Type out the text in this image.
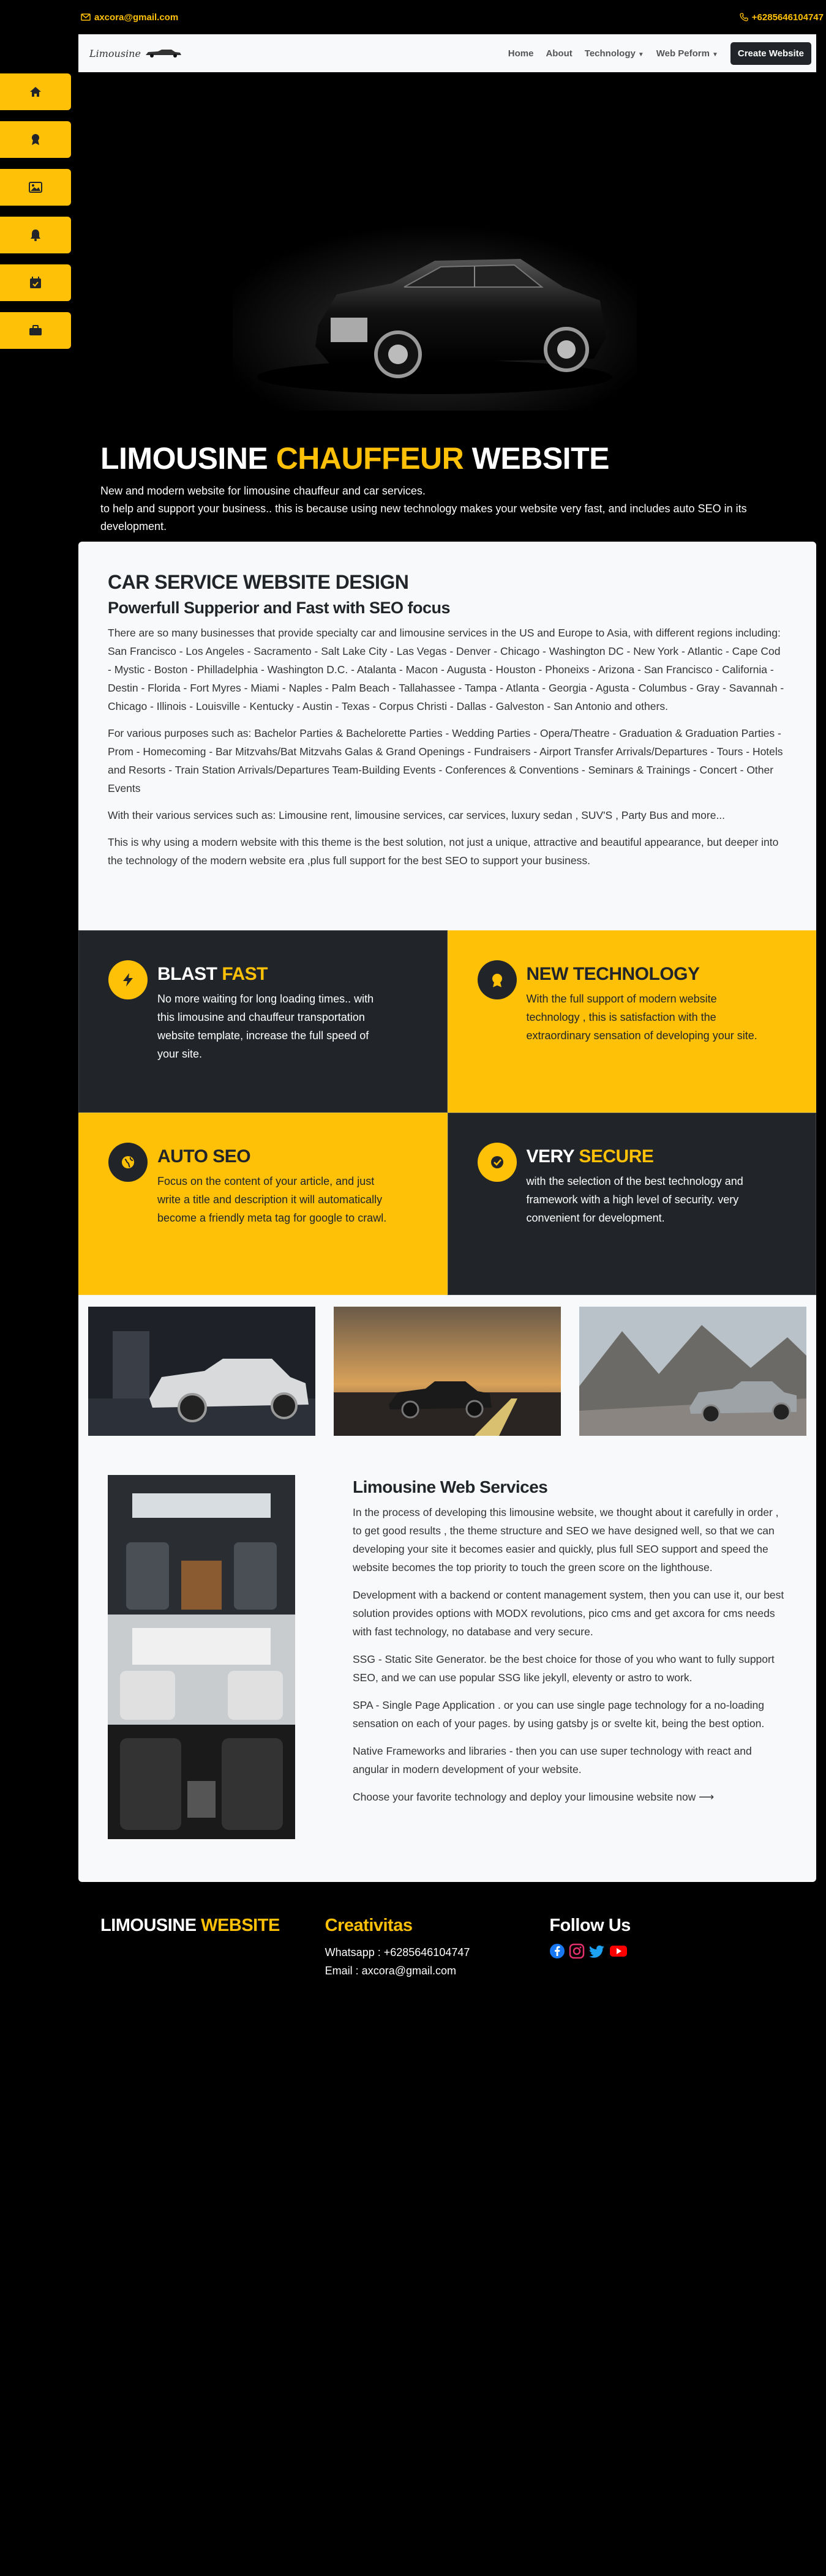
axcora@gmail.com	+6285646104747
Limousine	Home About Technology ▼ Web Peform ▼	Create Website
LIMOUSINE CHAUFFEUR WEBSITE
New and modern website for limousine chauffeur and car services.
to help and support your business.. this is because using new technology makes your website very fast, and includes auto SEO in its development.
CAR SERVICE WEBSITE DESIGN
Powerfull Supperior and Fast with SEO focus

There are so many businesses that provide specialty car and limousine services in the US and Europe to Asia, with different regions including: San Francisco - Los Angeles - Sacramento - Salt Lake City - Las Vegas - Denver - Chicago - Washington DC - New York - Atlantic - Cape Cod - Mystic - Boston - Philladelphia - Washington D.C. - Atalanta - Macon - Augusta - Houston - Phoneixs - Arizona - San Francisco - California - Destin - Florida - Fort Myres - Miami - Naples - Palm Beach - Tallahassee - Tampa - Atlanta - Georgia - Agusta - Columbus - Gray - Savannah - Chicago - Illinois - Louisville - Kentucky - Austin - Texas - Corpus Christi - Dallas - Galveston - San Antonio and others.

For various purposes such as: Bachelor Parties & Bachelorette Parties - Wedding Parties - Opera/Theatre - Graduation & Graduation Parties - Prom - Homecoming - Bar Mitzvahs/Bat Mitzvahs Galas & Grand Openings - Fundraisers - Airport Transfer Arrivals/Departures - Tours - Hotels and Resorts - Train Station Arrivals/Departures Team-Building Events - Conferences & Conventions - Seminars & Trainings - Concert - Other Events

With their various services such as: Limousine rent, limousine services, car services, luxury sedan , SUV'S , Party Bus and more...

This is why using a modern website with this theme is the best solution, not just a unique, attractive and beautiful appearance, but deeper into the technology of the modern website era ,plus full support for the best SEO to support your business.

BLAST FAST

No more waiting for long loading times.. with this limousine and chauffeur transportation website template, increase the full speed of your site.

NEW TECHNOLOGY

With the full support of modern website technology , this is satisfaction with the extraordinary sensation of developing your site.

AUTO SEO

Focus on the content of your article, and just write a title and description it will automatically become a friendly meta tag for google to crawl.

VERY SECURE

with the selection of the best technology and framework with a high level of security. very convenient for development.

Limousine Web Services

In the process of developing this limousine website, we thought about it carefully in order , to get good results , the theme structure and SEO we have designed well, so that we can developing your site it becomes easier and quickly, plus full SEO support and speed the website becomes the top priority to touch the green score on the lighthouse.

Development with a backend or content management system, then you can use it, our best solution provides options with MODX revolutions, pico cms and get axcora for cms needs with fast technology, no database and very secure.

SSG - Static Site Generator. be the best choice for those of you who want to fully support SEO, and we can use popular SSG like jekyll, eleventy or astro to work.

SPA - Single Page Application . or you can use single page technology for a no-loading sensation on each of your pages. by using gatsby js or svelte kit, being the best option.

Native Frameworks and libraries - then you can use super technology with react and angular in modern development of your website.

Choose your favorite technology and deploy your limousine website now ⟶

LIMOUSINE WEBSITE	Creativitas

Whatsapp : +6285646104747

Email : axcora@gmail.com

Follow Us
